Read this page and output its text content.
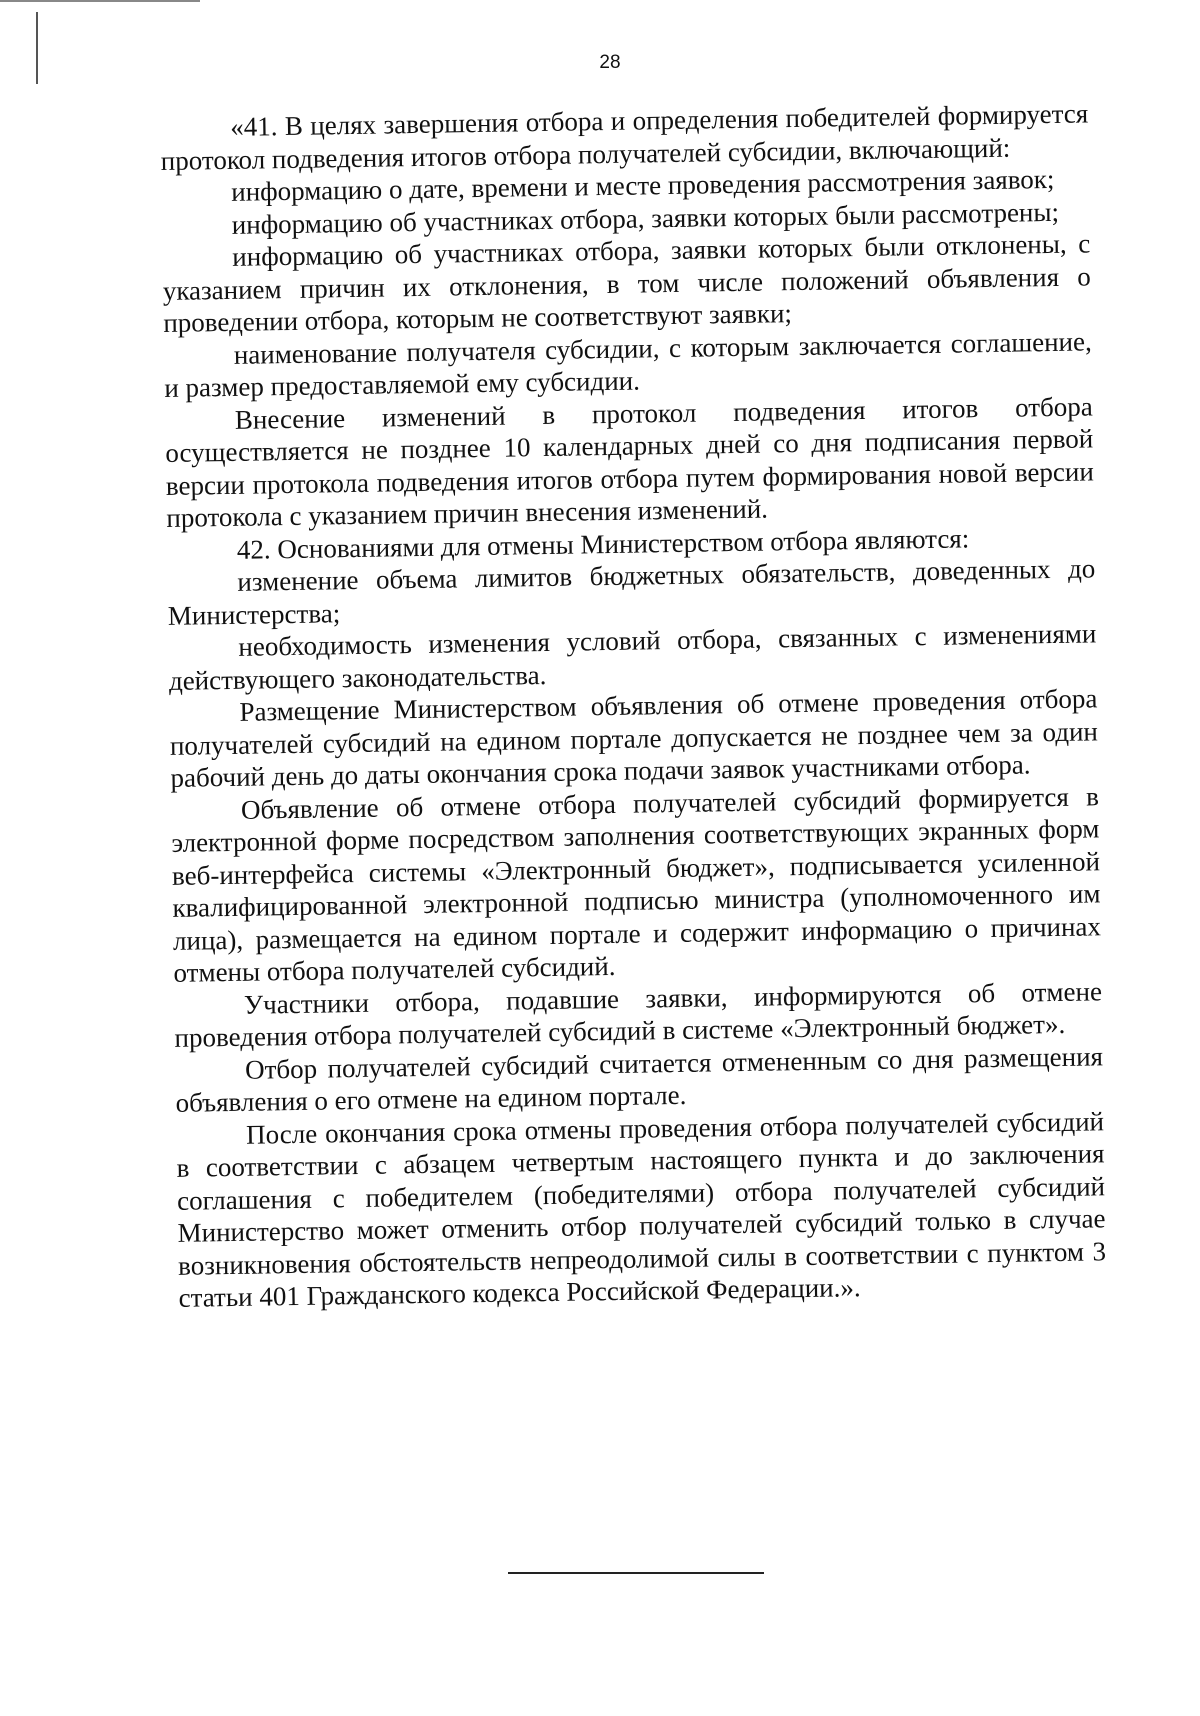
28

«41. В целях завершения отбора и определения победителей формируется протокол подведения итогов отбора получателей субсидии, включающий:

информацию о дате, времени и месте проведения рассмотрения заявок;

информацию об участниках отбора, заявки которых были рассмотрены;

информацию об участниках отбора, заявки которых были отклонены, с указанием причин их отклонения, в том числе положений объявления о проведении отбора, которым не соответствуют заявки;

наименование получателя субсидии, с которым заключается соглашение, и размер предоставляемой ему субсидии.

Внесение изменений в протокол подведения итогов отбора осуществляется не позднее 10 календарных дней со дня подписания первой версии протокола подведения итогов отбора путем формирования новой версии протокола с указанием причин внесения изменений.

42. Основаниями для отмены Министерством отбора являются:

изменение объема лимитов бюджетных обязательств, доведенных до Министерства;

необходимость изменения условий отбора, связанных с изменениями действующего законодательства.

Размещение Министерством объявления об отмене проведения отбора получателей субсидий на едином портале допускается не позднее чем за один рабочий день до даты окончания срока подачи заявок участниками отбора.

Объявление об отмене отбора получателей субсидий формируется в электронной форме посредством заполнения соответствующих экранных форм веб-интерфейса системы «Электронный бюджет», подписывается усиленной квалифицированной электронной подписью министра (уполномоченного им лица), размещается на едином портале и содержит информацию о причинах отмены отбора получателей субсидий.

Участники отбора, подавшие заявки, информируются об отмене проведения отбора получателей субсидий в системе «Электронный бюджет».

Отбор получателей субсидий считается отмененным со дня размещения объявления о его отмене на едином портале.

После окончания срока отмены проведения отбора получателей субсидий в соответствии с абзацем четвертым настоящего пункта и до заключения соглашения с победителем (победителями) отбора получателей субсидий Министерство может отменить отбор получателей субсидий только в случае возникновения обстоятельств непреодолимой силы в соответствии с пунктом 3 статьи 401 Гражданского кодекса Российской Федерации.».
